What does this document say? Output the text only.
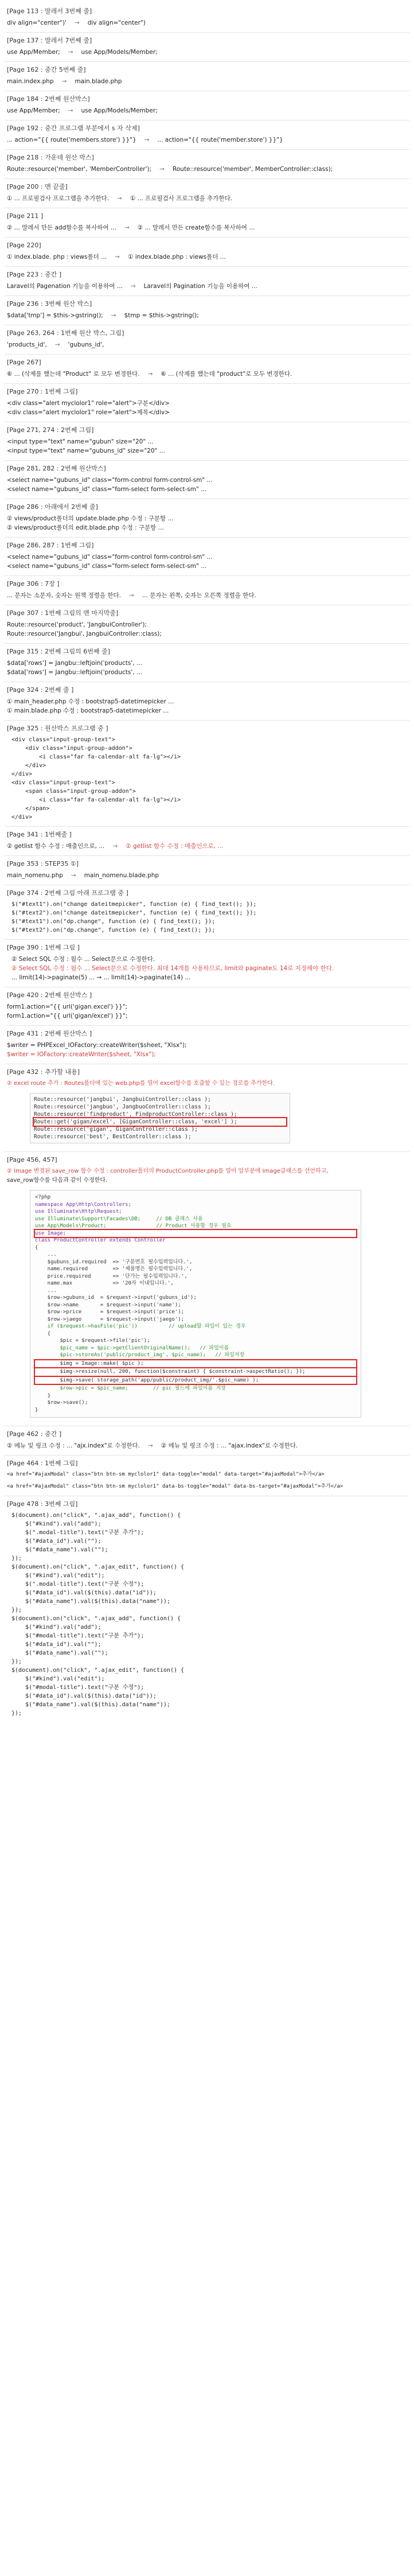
[Page 113 : 말레서 3번째 줄]
div align="center")' → div align="center")
[Page 137 : 말레서 7번째 줄]
use App/Member; → use App/Models/Member;
[Page 162 : 중간 5번째 줄]
main.index.php → main.blade.php
[Page 184 : 2번째 원산박스]
use App/Member; → use App/Models/Member;
[Page 192 : 중간 프로그램 부분에서 s 자 삭제]
... action="{{ route('members.store') }}"} → ... action="{{ route('member.store') }}"}
[Page 218 : 가운데 원산 박스]
Route::resource('member', 'MemberController'); → Route::resource('member', MemberController::class);
[Page 200 : 맨 끝줄]
① ... 프로필검사 프로그램을 추가한다. → ① ... 프로필검사 프로그램을 추가한다.
[Page 211 ]
② ... 말레서 만든 add함수를 복사하여 ... → ② ... 말레서 만든 create함수를 복사하여 ...
[Page 220]
① index.blade. php : views폴더 ... → ① index.blade.php : views폴더 ...
[Page 223 : 중간 ]
Laravel의 Pagenation 기능을 이용하여 ... → Laravel의 Pagination 기능을 이용하여 ...
[Page 236 : 3번째 원산 박스]
$data['tmp'] = $this->gstring(); → $tmp = $this->gstring();
[Page 263, 264 : 1번째 원산 박스, 그림]
'products_id', → 'gubuns_id',
[Page 267]
⑥ ... (삭제를 했는데 "Product" 로 모두 변경한다. → ⑥ ... (삭제를 했는데 "product"로 모두 변경한다.
[Page 270 : 1번째 그림]
<div class="alert myclolor1" role="alert">구분</div>
<div class="alert myclolor1" role="alert">제목</div>
[Page 271, 274 : 2번째 그림]
<input type="text" name="gubun" size="20" ...
<input type="text" name="gubuns_id" size="20" ...
[Page 281, 282 : 2번째 원산박스]
<select name="gubuns_id" class="form-control form-control-sm" ...
<select name="gubuns_id" class="form-select form-select-sm" ...
[Page 286 : 아래에서 2번째 줄]
② views/product폴더의 update.blade.php 수정 : 구분항 ...
② views/product폴더의 edit.blade.php 수정 : 구분항 ...
[Page 286, 287 : 1번째 그림]
<select name="gubuns_id" class="form-control form-control-sm" ...
<select name="gubuns_id" class="form-select form-select-sm" ...
[Page 306 : 7장 ]
... 문자는 소문자, 숫자는 원책 정렬을 한다. → ... 문자는 왼쪽, 숫자는 오른쪽 정렬을 한다.
[Page 307 : 1번째 그림의 맨 마지막줄]
Route::resource('product', 'JangbuiController');
Route::resource('Jangbui', JangbuiController::class);
[Page 315 : 2번째 그림의 6번째 줄]
$data['rows'] = Jangbu::leftjoin('products', ...
$data['rows'] = Jangbu::leftjoin('products', ...
[Page 324 : 2번째 줄 ]
① main_header.php 수정 : bootstrap5-datetimepicker ...
① main.blade.php 수정 : bootstrap5-datetimepicker ...
[Page 325 : 원산박스 프로그램 중 ]
<div class="input-group-text">
<div class="input-group-addon">
<i class="far fa-calendar-alt fa-lg"></i>
</div>
</div>
<div class="input-group-text">
<span class="input-group-addon">
<i class="far fa-calendar-alt fa-lg"></i>
</span>
</div>
[Page 341 : 1번째줄 ]
② getlist 함수 수정 : 매출인으로, ... → ② getlist 함수 수정 : 매출인으로, ...
[Page 353 : STEP35 ①]
main_nomenu.php → main_nomenu.blade.php
[Page 374 : 2번째 그림 아래 프로그램 중 ]
$("#text1").on("change dateitmepicker", function (e) { find_text(); });
$("#text2").on("change dateitmepicker", function (e) { find_text(); });
$("#text1").on("dp.change", function (e) { find_text(); });
$("#text2").on("dp.change", function (e) { find_text(); });
[Page 390 : 1번째 그림 ]
② Select SQL 수정 : 월수 ... Select문으로 수정한다.
② Select SQL 수정 : 월수 ... Select문으로 수정한다. 최대 14개를 사용하므로, limit와 paginate도 14로 지정해야 한다.
... limit(14)->paginate(5) ... → ... limit(14)->paginate(14) ...
[Page 420 : 2번째 원산박스 ]
form1.action="{{ url('gigan.excel') }}";
form1.action="{{ url('gigan/excel') }}";
[Page 431 : 2번째 원산박스 ]
$writer = PHPExcel_IOFactory::createWriter($sheet, "Xlsx");
$writer = IOFactory::createWriter($sheet, "Xlsx");
[Page 432 : 추가할 내용]
② excel route 추가 : Routes폴더에 있는 web.php를 열어 excel함수를 호출할 수 있는 경로를 추가한다.
Route::resource('jangbui', JangbuiController::class );
Route::resource('jangbuo', JangbuoController::class );
Route::resource('findproduct', FindproductController::class );
Route::get('gigan/excel', [GiganController::class, 'excel'] );
Route::resource('gigan', GiganController::class );
Route::resource('best', BestController::class );
[Page 456, 457]
② Image 변경된 save_row 함수 수정 : controller폴더의 ProductController.php를 열어 앞부분에 Image클래스를 선언하고,
save_row함수를 다음과 같이 수정한다.
<?php
namespace App\Http\Controllers;
use Illuminate\Http\Request;
use Illuminate\Support\Facades\DB;     // DB 클래스 사용
use App\Models\Product;                // Product 사용할 경우 필요
use Image;
class ProductController extends Controller
{
...
$gubuns_id.required  => '구분번호 필수입력입니다.',
name.required        => '제품명은 필수입력입니다.',
price.required       => '단가는 필수입력입니다.',
name.max             => '20자 이내입니다.',
...
$row->gubuns_id  = $request->input('gubuns_id');
$row->name       = $request->input('name');
$row->price      = $request->input('price');
$row->jaego      = $request->input('jaego');
if ($request->hasFile('pic'))          // upload할 파일이 있는 경우
{
$pic = $request->file('pic');
$pic_name = $pic->getClientOriginalName();   // 파일이름
$pic->storeAs('public/product_img', $pic_name);   // 파일저장
$img = Image::make( $pic );
$img->resize(null, 200, function($constraint) { $constraint->aspectRatio(); });
$img->save( storage_path('app/public/product_img/'.$pic_name) );
$row->pic = $pic_name;        // pic 필드에 파일이름 저장
}
$row->save();
}
[Page 462 : 중간 ]
② 메뉴 및 링크 수정 : ... "ajx.index"로 수정한다. → ② 메뉴 및 링크 수정 : ... "ajax.index"로 수정한다.
[Page 464 : 1번째 그림]
<a href="#ajaxModal" class="btn btn-sm myclolor1" data-toggle="modal" data-target="#ajaxModal">추가</a>
<a href="#ajaxModal" class="btn btn-sm myclolor1" data-bs-toggle="modal" data-bs-target="#ajaxModal">추가</a>
[Page 478 : 3번째 그림]
$(document).on("click", ".ajax_add", function() {
$("#kind").val("add");
$(".modal-title").text("구분 추가");
$("#data_id").val("");
$("#data_name").val("");
});
$(document).on("click", ".ajax_edit", function() {
$("#kind").val("edit");
$(".modal-title").text("구분 수정");
$("#data_id").val($(this).data("id"));
$("#data_name").val($(this).data("name"));
});
$(document).on("click", ".ajax_add", function() {
$("#kind").val("add");
$("#modal-title").text("구분 추가");
$("#data_id").val("");
$("#data_name").val("");
});
$(document).on("click", ".ajax_edit", function() {
$("#kind").val("edit");
$("#modal-title").text("구분 수정");
$("#data_id").val($(this).data("id"));
$("#data_name").val($(this).data("name"));
});
